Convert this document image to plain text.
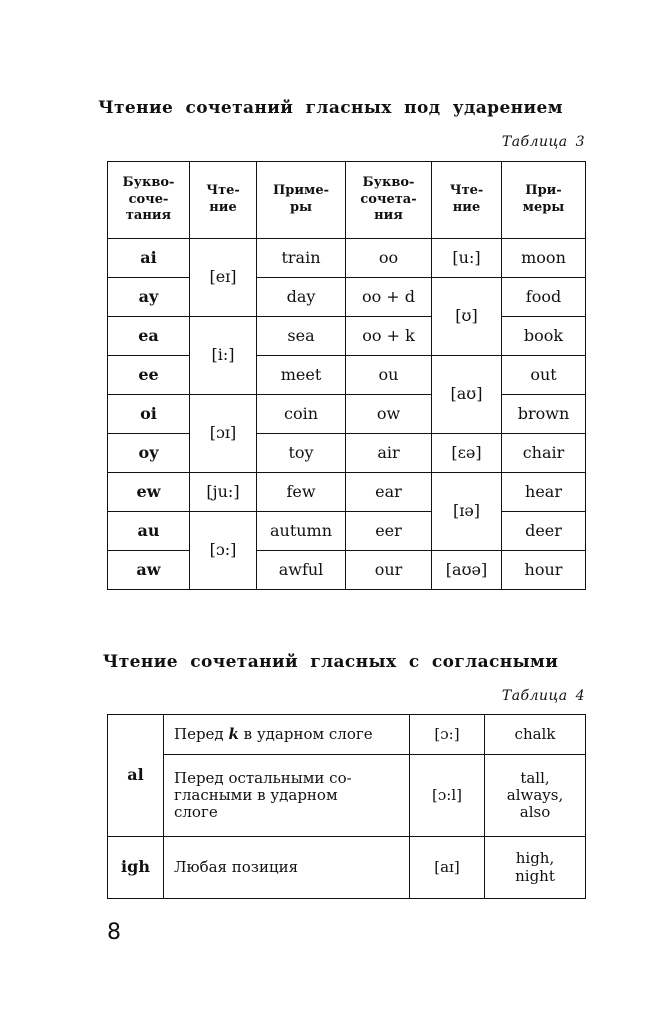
Чтение сочетаний гласных под ударением
Таблица 3
Букво-
соче-
тания	Чте-
ние	Приме-
ры	Букво-
сочета-
ния	Чте-
ние	При-
меры
ai	[eɪ]	train	oo	[u:]	moon
ay		day	oo + d	[ʊ]	food
ea	[i:]	sea	oo + k		book
ee		meet	ou	[aʊ]	out
oi	[ɔɪ]	coin	ow		brown
oy		toy	air	[ɛə]	chair
ew	[ju:]	few	ear	[ɪə]	hear
au	[ɔ:]	autumn	eer		deer
aw		awful	our	[aʊə]	hour
Чтение сочетаний гласных с согласными
Таблица 4
al	Перед k в ударном слоге	[ɔ:]	chalk
	Перед остальными со-
гласными в ударном
слоге	[ɔ:l]	tall,
always,
also
igh	Любая позиция	[aɪ]	high,
night
8
